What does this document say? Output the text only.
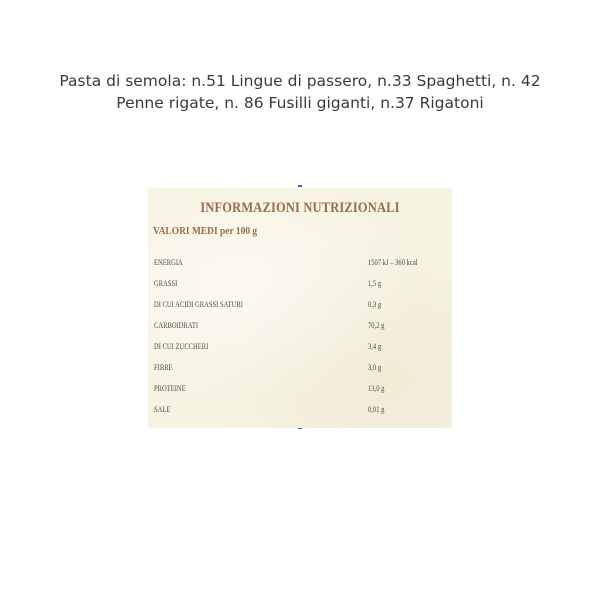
Pasta di semola: n.51 Lingue di passero, n.33 Spaghetti, n. 42
Penne rigate, n. 86 Fusilli giganti, n.37 Rigatoni
INFORMAZIONI NUTRIZIONALI
VALORI MEDI per 100 g
ENERGIA	1507 kJ – 360 kcal
GRASSI	1,5 g
DI CUI ACIDI GRASSI SATURI	0,3 g
CARBOIDRATI	70,2 g
DI CUI ZUCCHERI	3,4 g
FIBRE	3,0 g
PROTEINE	13,0 g
SALE	0,01 g
